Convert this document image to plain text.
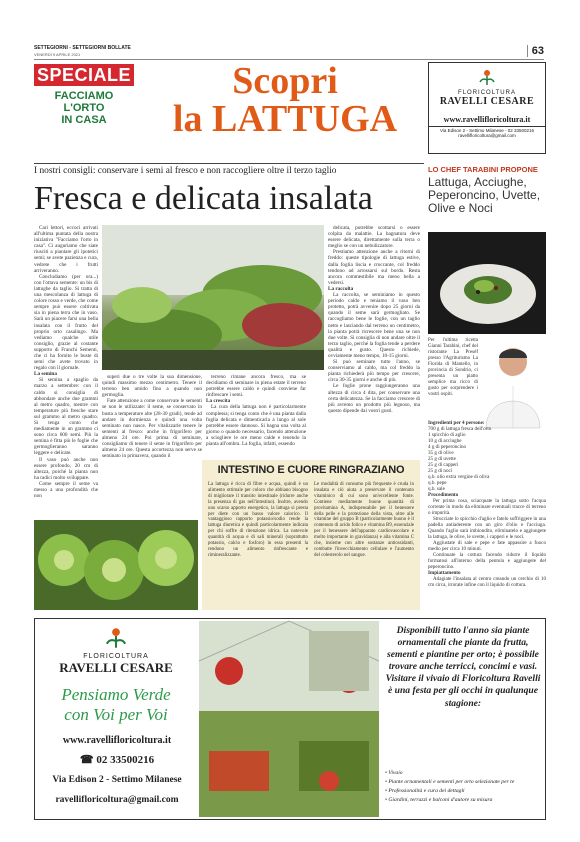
SETTEGIORNI - SETTEGIORNI BOLLATE
VENERDÌ 9 APRILE 2021	63
SPECIALE
FACCIAMO
L'ORTO
IN CASA
Scopri
la LATTUGA
FLORICOLTURA
RAVELLI CESARE
www.ravellifloricoltura.it
Via Edison 2 - Settimo Milanese - 02 33500216
ravellifloricoltura@gmail.com
I nostri consigli: conservare i semi al fresco e non raccogliere oltre il terzo taglio
Fresca e delicata insalata

Cari lettori, eccoci arrivati all'ultima puntata della nostra iniziativa "Facciamo l'orto in casa". Ci auguriamo che siate riusciti a piantare gli ipotetici semi; se avete pazienza e cura, vedrete che i frutti arriveranno.

Concludiamo (per ora...) con l'ottava semente: un bis di lattughe da taglio. Si tratta di una mescolanza di lattuga di colore rosso e verde, che come sempre può essere coltivata sia in piena terra che in vaso. Sarà un piacere farsi una bella insalata con il frutto del proprio orto casalingo. Ma vediamo qualche utile consiglio, grazie al costante supporto di Franchi Sementi, che ci ha fornito le buste di semi che avete trovato in regalo con il giornale.

La semina

Si semina a spaglio da marzo a settembre: con il caldo si consiglia di abbondare anche due grammi al metro quadro, mentre con temperature più fresche stare sul grammo al metro quadro. Si tenga conto che mediamente in un grammo ci sono circa 600 semi. Più la semina è fitta più le foglie che germoglieranno saranno leggere e delicate.

Il vaso può anche non essere profondo, 20 cm di altezza, poiché la pianta non ha radici molto sviluppate.

Come sempre il seme va messo a una profondità che non

superi due o tre volte la sua dimensione, quindi massimo mezzo centimetro. Tenere il terreno ben umido fino a quando non germoglia.

Fate attenzione a come conservate le sementi se non le utilizzate: il seme, se conservato in busta a temperature alte (28-30 gradi), tende ad andare in dormienza e quindi una volta seminato non nasce. Per vitalizzarle tenere le sementi al fresco: anche in frigorifero per almeno 24 ore. Poi prima di seminare, consigliamo di tenere il seme in frigorifero per almeno 24 ore. Questa accortezza non serve se seminato in primavera, quando il

terreno rimane ancora fresco, ma se decidiamo di seminare in piena estate il terreno potrebbe essere caldo e quindi conviene far rinfrescare i semi.

La crescita

La cura della lattuga non è particolarmente complessa; si tenga conto che è una pianta dalla foglia delicata e dimenticarla a lungo al sole potrebbe essere dannoso. Si bagna una volta al giorno o quando necessario, facendo attenzione a sciogliere le ore meno calde e tenendo la pianta all'ombra. La foglia, infatti, essendo

delicata, potrebbe scottarsi o essere colpita da malattie. La bagnatura deve essere delicata, direttamente sulla terra o meglio se con un nebulizzatore.

Prestiamo attenzione anche a ritorni di freddo: queste tipologie di lattuga estive, dalla foglia liscia e croccante, col freddo tendono ad arrossarsi sul bordo. Resta ancora commestibile ma meno bella a vedersi.

La raccolta

La raccolta, se seminiamo in questo periodo caldo e teniamo il vaso ben protetto, potrà avvenire dopo 25 giorni da quando il seme sarà germogliato. Se raccogliamo bene le foglie, con un taglio netto e lasciando dal terreno un centimetro, la pianta potrà ricrescere bene una se non due volte. Si consiglia di non andare oltre il terzo taglio, perché la foglia tende a perdere qualità e gusto. Questo richiede, ovviamente meno tempo, 10-15 giorni.

Si può seminare tutto l'anno, se conserviamo al caldo, ma col freddo la pianta richiederà più tempo per crescere, circa 30-35 giorni e anche di più.

Le foglie prone raggiungeranno una altezza di circa 4 dita, per conservare una certa delicatezza. Se la facciamo crescere di più avremo un prodotto più legnoso, ma questo dipende dai vostri gusti.

INTESTINO E CUORE RINGRAZIANO
La lattuga è ricca di fibre e acqua, quindi è un alimento ottimale per coloro che abbiano bisogno di migliorare il transito intestinale (ridurre anche la presenza di gas nell'intestino). Inoltre, avendo uno scarso apporto energetico, la lattuga si presta per diete con un basso valore calorico. Il vantaggioso rapporto potassio/sodio rende la lattuga diuretica e quindi particolarmente indicata per chi soffre di ritenzione idrica. La notevole quantità di acqua e di sali minerali (soprattutto potassio, calcio e fosforo) in essa presenti la rendono un alimento rinfrescante e rimineralizzante.
Le modalità di consumo più frequente è cruda in insalata e ciò aiuta a preservare il contenuto vitaminico di cui sono un'eccellente fonte. Contiene mediamente buone quantità di provitamina A, indispensabile per il benessere della pelle e la protezione della vista, oltre alle vitamine del gruppo B (particolarmente buono è il contenuto di acido folico e vitamina B9, essenziale per il benessere dell'apparato cardiovascolare e molto importante in gravidanza) e alla vitamina C che, insieme con altre sostanze antiossidanti, combatte l'invecchiamento cellulare e l'aumento del colesterolo nel sangue.
LO CHEF TARABINI PROPONE
Lattuga, Acciughe, Peperoncino, Uvette, Olive e Noci
Per l'ultima ricetta Gianni Tarabini, chef del ristorante La Preséf presso l'Agriturismo La Fiorida di Mantello, in provincia di Sondrio, ci presenta un piatto semplice ma ricco di gusto per sorprendere i vostri ospiti.
Ingredienti per 4 persone:
700 g di lattuga fresca dell'orto
1 spicchio di aglio
10 g di acciughe
4 g di peperoncino
35 g di olive
25 g di uvette
25 g di capperi
25 g di noci
q.b. olio extra vergine di oliva
q.b. pepe
q.b. sale
Procedimento

Per prima cosa, sciacquate la lattuga sotto l'acqua corrente in modo da eliminare eventuali tracce di terreno o impurità.

Strucciate lo spicchio d'aglio e fatelo soffriggere in una padella antiaderente con un giro d'olio e l'acciuga. Quando l'aglio sarà imbiondito, eliminatelo e aggiungete la lattuga, le olive, le uvette, i capperi e le noci.

Aggiustate di sale e pepe e fate appassire a fuoco medio per circa 10 minuti.

Continuate la cottura facendo ridurre il liquido formatosi all'interno della pentola e aggiungete del peperoncino.

Impiattamento

Adagiate l'insalata al centro creando un cerchio di 10 cm circa, irrorate infine con il liquido di cottura.

FLORICOLTURA
RAVELLI CESARE
Pensiamo Verde
con Voi per Voi
www.ravellifloricoltura.it
☎ 02 33500216
Via Edison 2 - Settimo Milanese
ravellifloricoltura@gmail.com
Disponibili tutto l'anno sia piante ornamentali che piante da frutta, sementi e piantine per orto; è possibile trovare anche terricci, concimi e vasi. Visitare il vivaio di Floricoltura Ravelli è una festa per gli occhi in qualunque stagione:
• Vivaio
• Piante ornamentali e sementi per orto selezionate per te
• Professionalità e cura dei dettagli
• Giardini, terrazzi e balconi d'autore su misura
